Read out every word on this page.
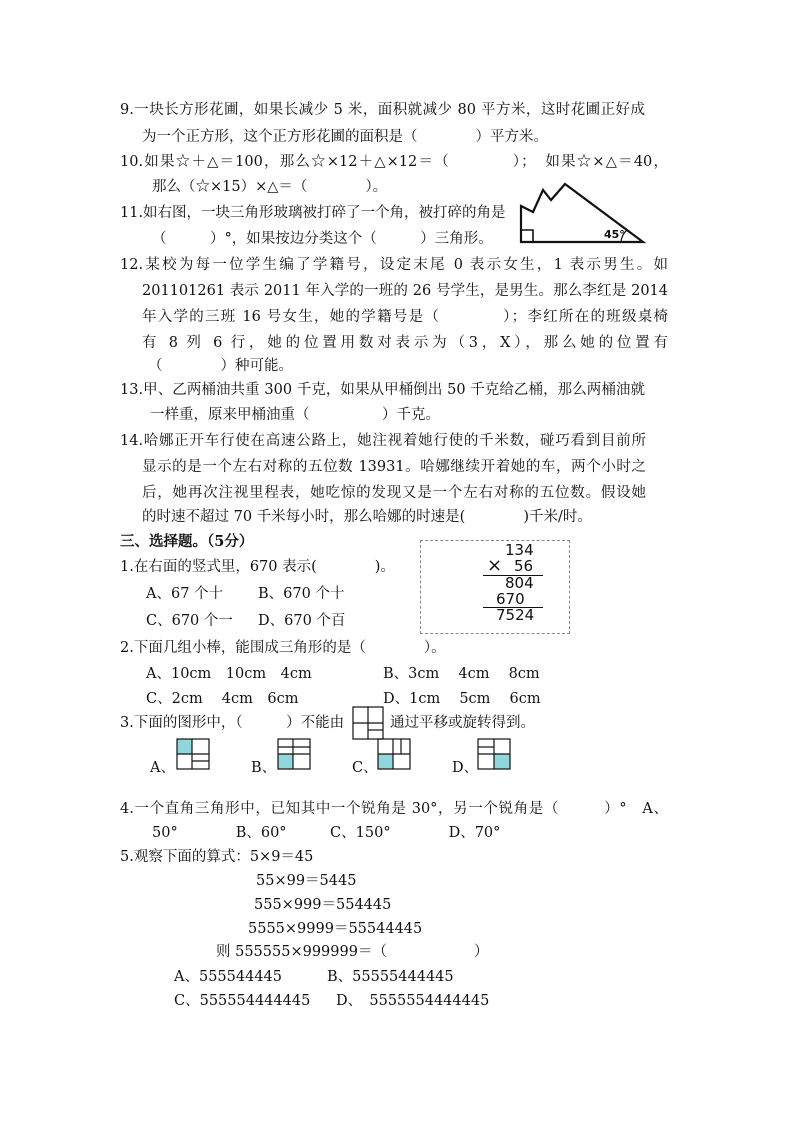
9.一块长方形花圃，如果长减少 5 米，面积就减少 80 平方米，这时花圃正好成
为一个正方形，这个正方形花圃的面积是（　　　　）平方米。
10.如果☆＋△＝100，那么☆×12＋△×12＝（　　　　）；　如果☆×△＝40，
那么（☆×15）×△＝（　　　　）。
11.如右图，一块三角形玻璃被打碎了一个角，被打碎的角是
（　　　）°，如果按边分类这个（　　　）三角形。	45°
12.某校为每一位学生编了学籍号，设定末尾 0 表示女生，1 表示男生。如
201101261 表示 2011 年入学的一班的 26 号学生，是男生。那么李红是 2014
年入学的三班 16 号女生，她的学籍号是（　　　　）；李红所在的班级桌椅
有 8 列 6 行，她的位置用数对表示为（3，X），那么她的位置有
（　　　　）种可能。
13.甲、乙两桶油共重 300 千克，如果从甲桶倒出 50 千克给乙桶，那么两桶油就
一样重，原来甲桶油重（　　　　　）千克。
14.哈娜正开车行使在高速公路上，她注视着她行使的千米数，碰巧看到目前所
显示的是一个左右对称的五位数 13931。哈娜继续开着她的车，两个小时之
后，她再次注视里程表，她吃惊的发现又是一个左右对称的五位数。假设她
的时速不超过 70 千米每小时，那么哈娜的时速是(　　　　)千米/时。
三、选择题。（5分）
1.在右面的竖式里，670 表示(　　　　)。
A、67 个十 B、670 个十
C、670 个一 D、670 个百
134
× 56
804
670
7524
2.下面几组小棒，能围成三角形的是（　　　　）。
A、10cm　10cm　4cm	B、3cm　 4cm　 8cm
C、2cm　 4cm　6cm	D、1cm　 5cm　 6cm
3.下面的图形中，（　　　）不能由	通过平移或旋转得到。
A、	B、	C、	D、
4.一个直角三角形中，已知其中一个锐角是 30°，另一个锐角是（　　　）°　A、
50°　　　　B、60°　　　C、150°　　　　D、70°
5.观察下面的算式：5×9＝45
55×99＝5445
555×999＝554445
5555×9999＝55544445
则 555555×999999＝（　　　　　　）
A、555544445	B、55555444445
C、555554444445 D、　5555554444445
